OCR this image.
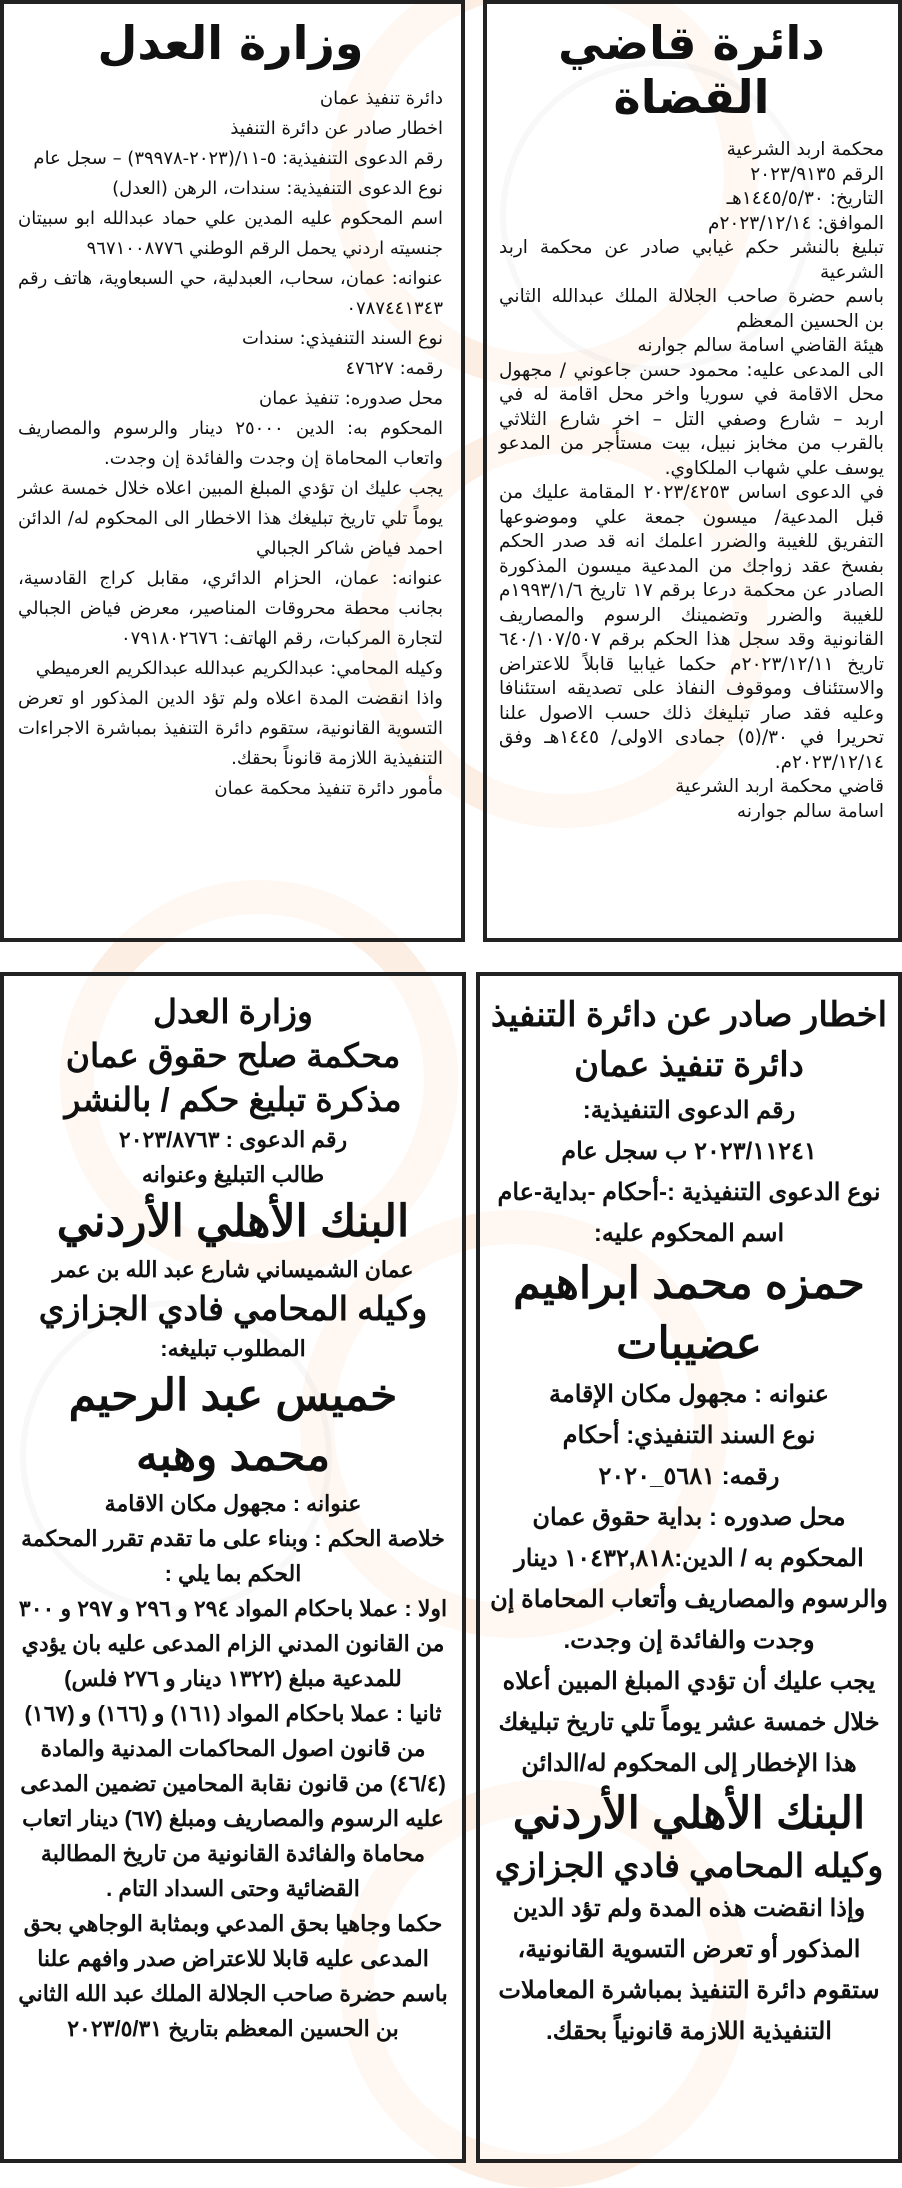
دائرة قاضي القضاة

محكمة اربد الشرعية

الرقم ٢٠٢٣/٩١٣٥

التاريخ: ١٤٤٥/٥/٣٠هـ

الموافق: ٢٠٢٣/١٢/١٤م

تبليغ بالنشر حكم غيابي صادر عن محكمة اربد الشرعية

باسم حضرة صاحب الجلالة الملك عبدالله الثاني بن الحسين المعظم

هيئة القاضي اسامة سالم جوارنه

الى المدعى عليه: محمود حسن جاعوني / مجهول محل الاقامة في سوريا واخر محل اقامة له في اربد – شارع وصفي التل – اخر شارع الثلاثي بالقرب من مخابز نبيل، بيت مستأجر من المدعو يوسف علي شهاب الملكاوي.

في الدعوى اساس ٢٠٢٣/٤٢٥٣ المقامة عليك من قبل المدعية/ ميسون جمعة علي وموضوعها التفريق للغيبة والضرر اعلمك انه قد صدر الحكم بفسخ عقد زواجك من المدعية ميسون المذكورة الصادر عن محكمة درعا برقم ١٧ تاريخ ١٩٩٣/١/٦م للغيبة والضرر وتضمينك الرسوم والمصاريف القانونية وقد سجل هذا الحكم برقم ٦٤٠/١٠٧/٥٠٧ تاريخ ٢٠٢٣/١٢/١١م حكما غيابيا قابلاً للاعتراض والاستئناف وموقوف النفاذ على تصديقه استئنافا وعليه فقد صار تبليغك ذلك حسب الاصول علنا تحريرا في ٣٠/(٥) جمادى الاولى/ ١٤٤٥هـ وفق ٢٠٢٣/١٢/١٤م.

قاضي محكمة اربد الشرعية

اسامة سالم جوارنه

وزارة العدل

دائرة تنفيذ عمان

اخطار صادر عن دائرة التنفيذ

رقم الدعوى التنفيذية: ٥-١١/(٢٠٢٣-٣٩٩٧٨) – سجل عام

نوع الدعوى التنفيذية: سندات، الرهن (العدل)

اسم المحكوم عليه المدين علي حماد عبدالله ابو سبيتان جنسيته اردني يحمل الرقم الوطني ٩٦٧١٠٠٨٧٧٦

عنوانه: عمان، سحاب، العبدلية، حي السبعاوية، هاتف رقم ٠٧٨٧٤٤١٣٤٣

نوع السند التنفيذي: سندات

رقمه: ٤٧٦٢٧

محل صدوره: تنفيذ عمان

المحكوم به: الدين ٢٥٠٠٠ دينار والرسوم والمصاريف واتعاب المحاماة إن وجدت والفائدة إن وجدت.

يجب عليك ان تؤدي المبلغ المبين اعلاه خلال خمسة عشر يوماً تلي تاريخ تبليغك هذا الاخطار الى المحكوم له/ الدائن احمد فياض شاكر الجبالي

عنوانه: عمان، الحزام الدائري، مقابل كراج القادسية، بجانب محطة محروقات المناصير، معرض فياض الجبالي لتجارة المركبات، رقم الهاتف: ٠٧٩١٨٠٢٦٧٦

وكيله المحامي: عبدالكريم عبدالله عبدالكريم العرميطي

واذا انقضت المدة اعلاه ولم تؤد الدين المذكور او تعرض التسوية القانونية، ستقوم دائرة التنفيذ بمباشرة الاجراءات التنفيذية اللازمة قانوناً بحقك.

مأمور دائرة تنفيذ محكمة عمان

وزارة العدل

محكمة صلح حقوق عمان

مذكرة تبليغ حكم / بالنشر

رقم الدعوى : ٢٠٢٣/٨٧٦٣

طالب التبليغ وعنوانه

البنك الأهلي الأردني

عمان الشميساني شارع عبد الله بن عمر

وكيله المحامي فادي الجزازي

المطلوب تبليغه:

خميس عبد الرحيم محمد وهبه

عنوانه : مجهول مكان الاقامة

خلاصة الحكم : وبناء على ما تقدم تقرر المحكمة الحكم بما يلي :

اولا : عملا باحكام المواد ٢٩٤ و ٢٩٦ و ٢٩٧ و ٣٠٠ من القانون المدني الزام المدعى عليه بان يؤدي للمدعية مبلغ (١٣٢٢ دينار و ٢٧٦ فلس)

ثانيا : عملا باحكام المواد (١٦١) و (١٦٦) و (١٦٧) من قانون اصول المحاكمات المدنية والمادة (٤٦/٤) من قانون نقابة المحامين تضمين المدعى عليه الرسوم والمصاريف ومبلغ (٦٧) دينار اتعاب محاماة والفائدة القانونية من تاريخ المطالبة القضائية وحتى السداد التام .

حكما وجاهيا بحق المدعي وبمثابة الوجاهي بحق المدعى عليه قابلا للاعتراض صدر وافهم علنا باسم حضرة صاحب الجلالة الملك عبد الله الثاني بن الحسين المعظم بتاريخ ٢٠٢٣/٥/٣١

اخطار صادر عن دائرة التنفيذ

دائرة تنفيذ عمان

رقم الدعوى التنفيذية:

٢٠٢٣/١١٢٤١ ب سجل عام

نوع الدعوى التنفيذية :-أحكام -بداية-عام

اسم المحكوم عليه:

حمزه محمد ابراهيم عضيبات

عنوانه : مجهول مكان الإقامة

نوع السند التنفيذي: أحكام

رقمه: ٥٦٨١_٢٠٢٠

محل صدوره : بداية حقوق عمان

المحكوم به / الدين:١٠٤٣٢,٨١٨ دينار والرسوم والمصاريف وأتعاب المحاماة إن وجدت والفائدة إن وجدت.

يجب عليك أن تؤدي المبلغ المبين أعلاه خلال خمسة عشر يوماً تلي تاريخ تبليغك هذا الإخطار إلى المحكوم له/الدائن

البنك الأهلي الأردني

وكيله المحامي فادي الجزازي

وإذا انقضت هذه المدة ولم تؤد الدين المذكور أو تعرض التسوية القانونية، ستقوم دائرة التنفيذ بمباشرة المعاملات التنفيذية اللازمة قانونياً بحقك.
